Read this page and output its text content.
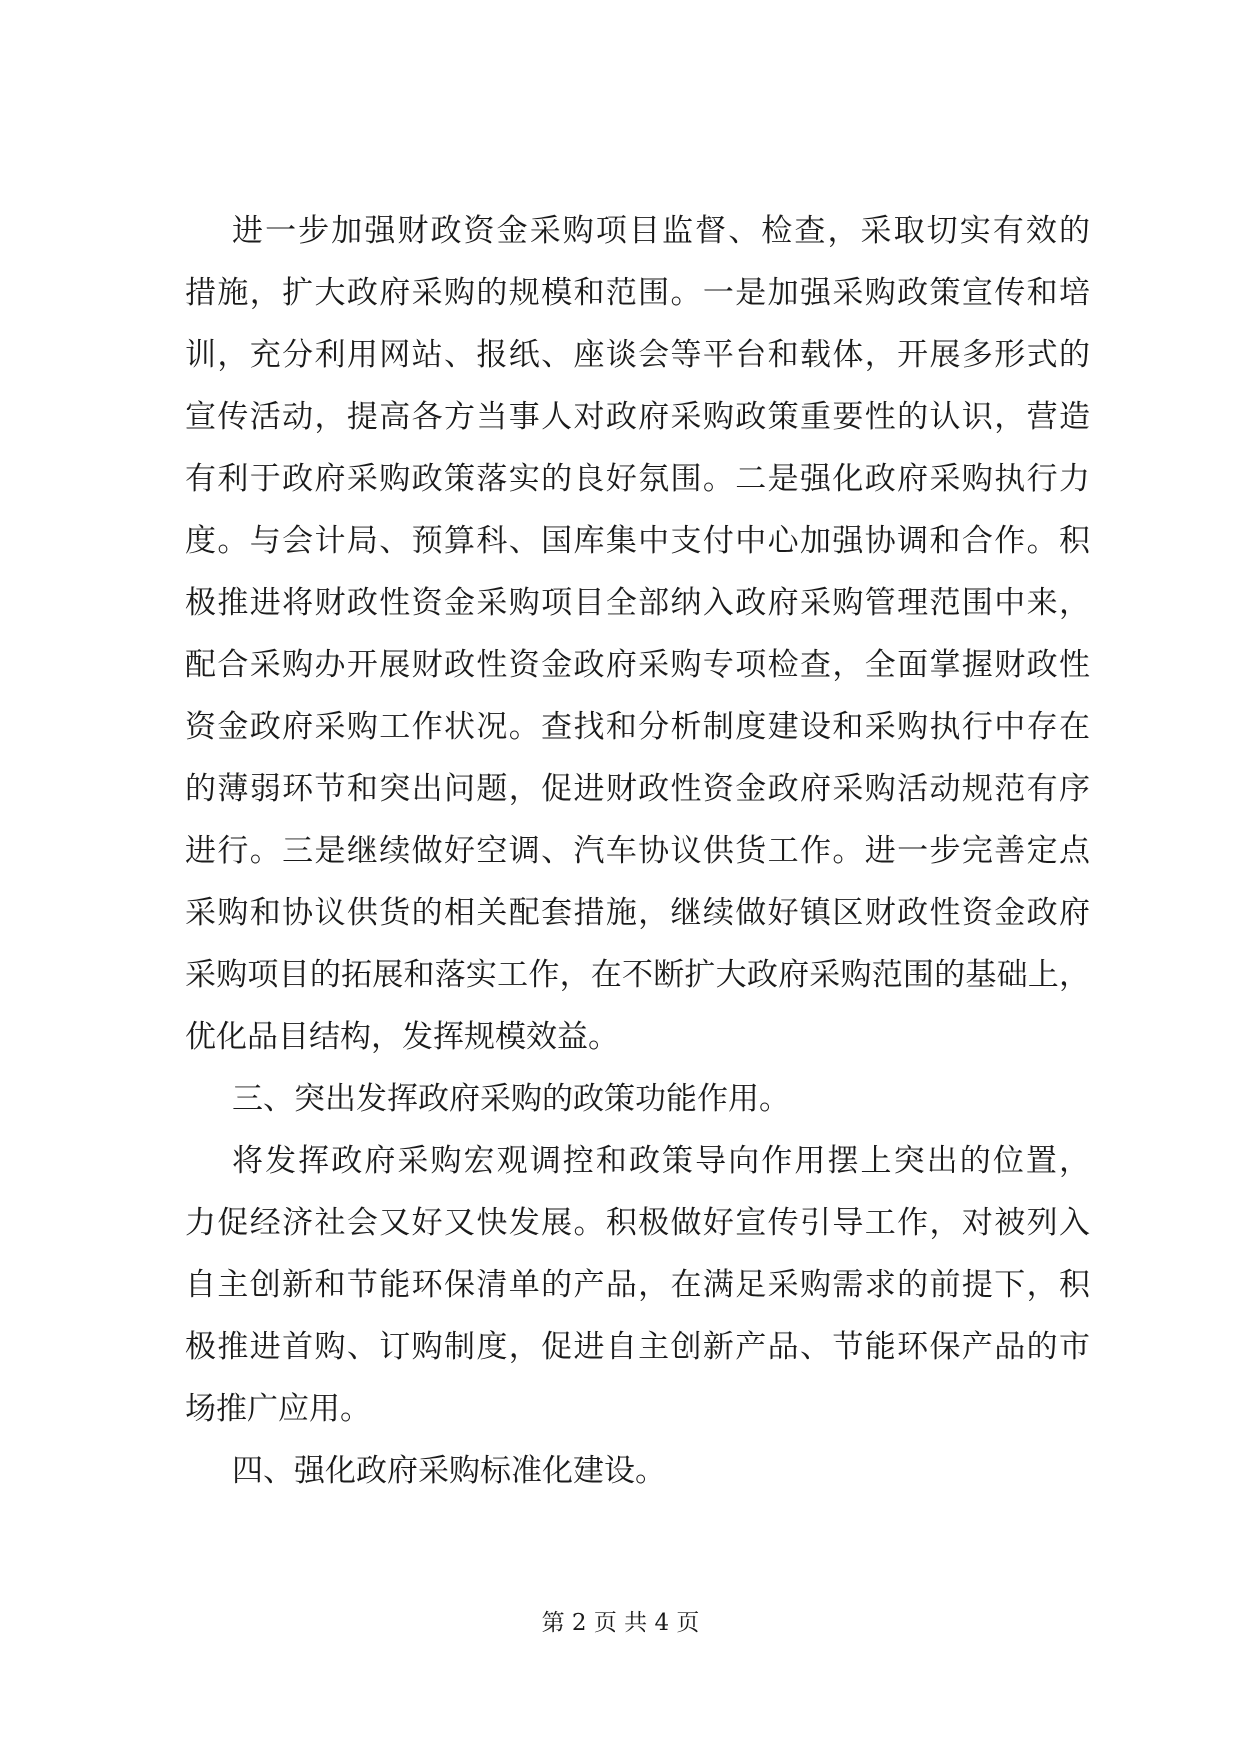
进一步加强财政资金采购项目监督、检查，采取切实有效的
措施，扩大政府采购的规模和范围。一是加强采购政策宣传和培
训，充分利用网站、报纸、座谈会等平台和载体，开展多形式的
宣传活动，提高各方当事人对政府采购政策重要性的认识，营造
有利于政府采购政策落实的良好氛围。二是强化政府采购执行力
度。与会计局、预算科、国库集中支付中心加强协调和合作。积
极推进将财政性资金采购项目全部纳入政府采购管理范围中来，
配合采购办开展财政性资金政府采购专项检查，全面掌握财政性
资金政府采购工作状况。查找和分析制度建设和采购执行中存在
的薄弱环节和突出问题，促进财政性资金政府采购活动规范有序
进行。三是继续做好空调、汽车协议供货工作。进一步完善定点
采购和协议供货的相关配套措施，继续做好镇区财政性资金政府
采购项目的拓展和落实工作，在不断扩大政府采购范围的基础上，
优化品目结构，发挥规模效益。
三、突出发挥政府采购的政策功能作用。
将发挥政府采购宏观调控和政策导向作用摆上突出的位置，
力促经济社会又好又快发展。积极做好宣传引导工作，对被列入
自主创新和节能环保清单的产品，在满足采购需求的前提下，积
极推进首购、订购制度，促进自主创新产品、节能环保产品的市
场推广应用。
四、强化政府采购标准化建设。
第 2 页 共 4 页
